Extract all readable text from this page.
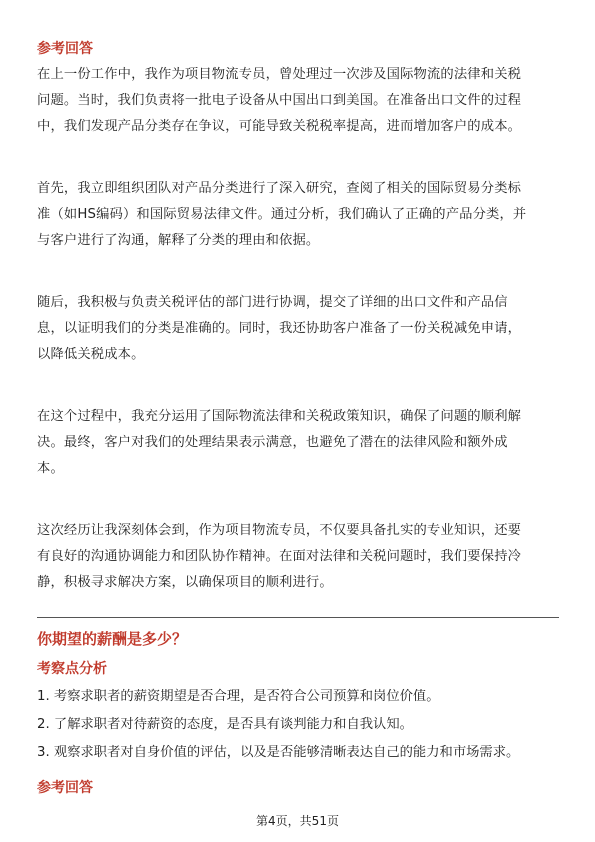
参考回答
在上一份工作中，我作为项目物流专员，曾处理过一次涉及国际物流的法律和关税
问题。当时，我们负责将一批电子设备从中国出口到美国。在准备出口文件的过程
中，我们发现产品分类存在争议，可能导致关税税率提高，进而增加客户的成本。
首先，我立即组织团队对产品分类进行了深入研究，查阅了相关的国际贸易分类标
准（如HS编码）和国际贸易法律文件。通过分析，我们确认了正确的产品分类，并
与客户进行了沟通，解释了分类的理由和依据。
随后，我积极与负责关税评估的部门进行协调，提交了详细的出口文件和产品信
息，以证明我们的分类是准确的。同时，我还协助客户准备了一份关税减免申请，
以降低关税成本。
在这个过程中，我充分运用了国际物流法律和关税政策知识，确保了问题的顺利解
决。最终，客户对我们的处理结果表示满意，也避免了潜在的法律风险和额外成
本。
这次经历让我深刻体会到，作为项目物流专员，不仅要具备扎实的专业知识，还要
有良好的沟通协调能力和团队协作精神。在面对法律和关税问题时，我们要保持冷
静，积极寻求解决方案，以确保项目的顺利进行。
你期望的薪酬是多少？
考察点分析
1. 考察求职者的薪资期望是否合理，是否符合公司预算和岗位价值。
2. 了解求职者对待薪资的态度，是否具有谈判能力和自我认知。
3. 观察求职者对自身价值的评估，以及是否能够清晰表达自己的能力和市场需求。
参考回答
第4页，共51页
